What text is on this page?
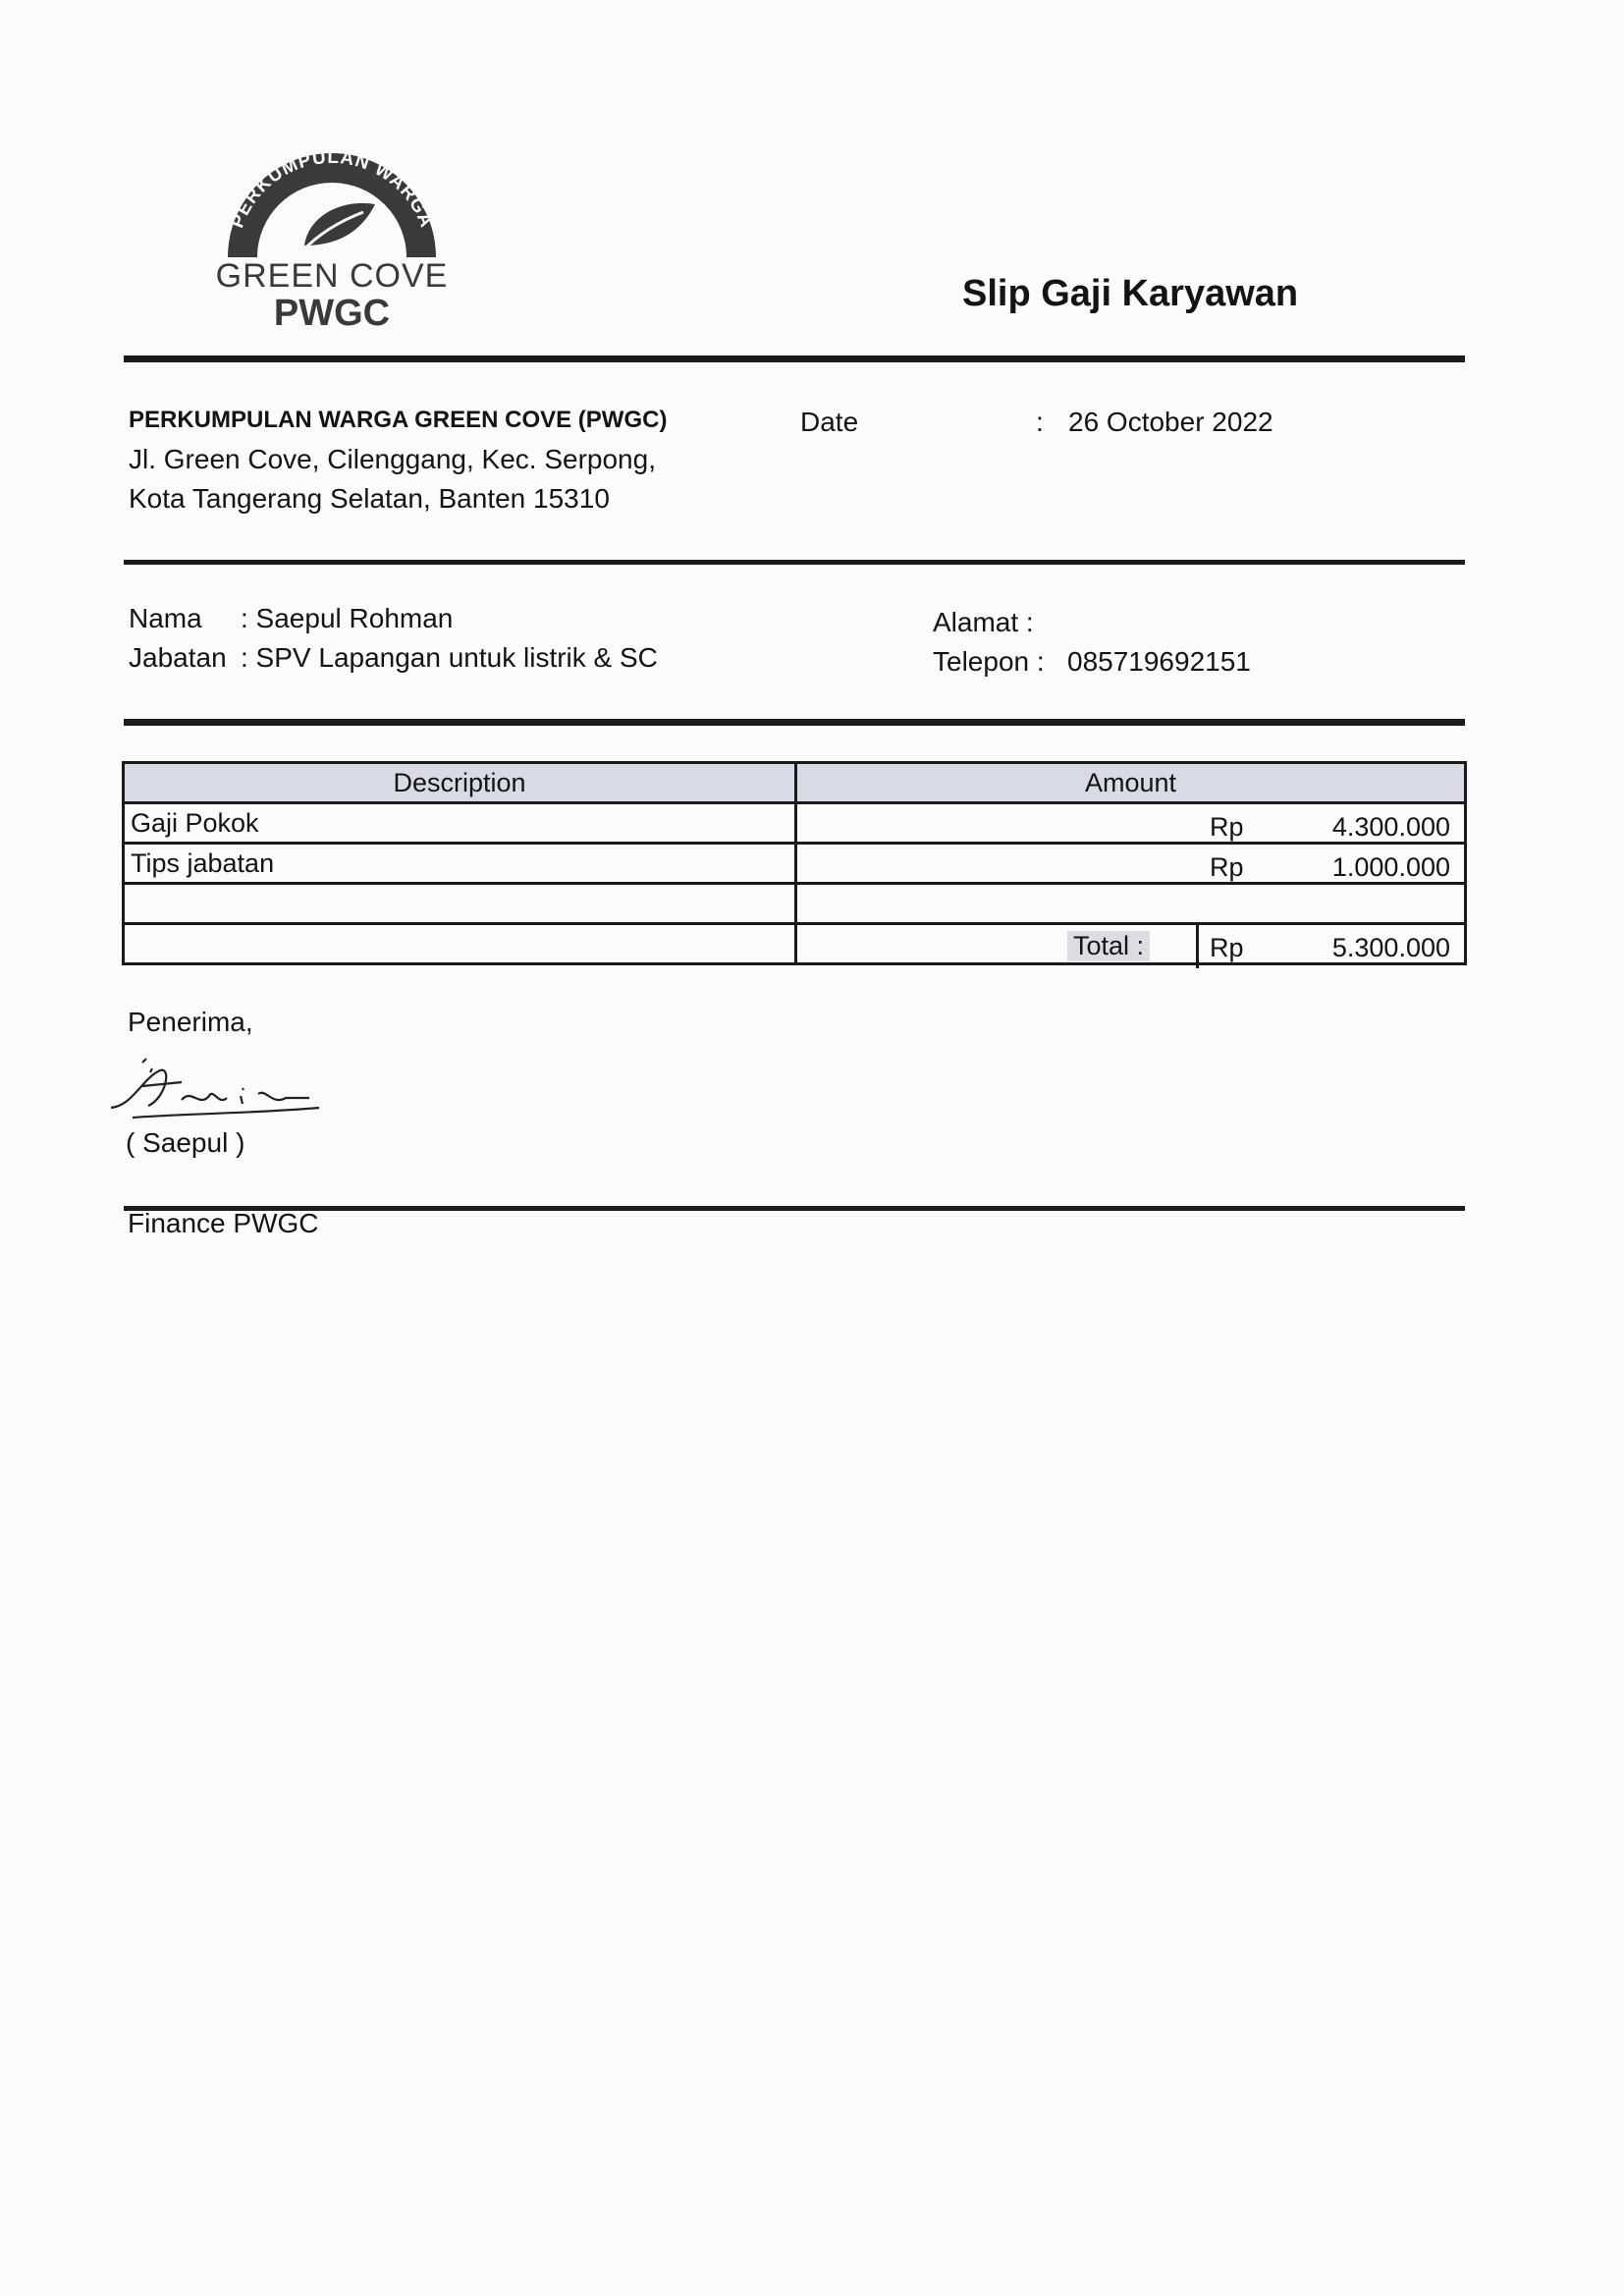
PERKUMPULAN WARGA
GREEN COVE
PWGC	Slip Gaji Karyawan
PERKUMPULAN WARGA GREEN COVE (PWGC)
Jl. Green Cove, Cilenggang, Kec. Serpong,
Kota Tangerang Selatan, Banten 15310
Date	: 26 October 2022
Nama : Saepul Rohman
Jabatan : SPV Lapangan untuk listrik & SC
Alamat :
Telepon : 085719692151
Description	Amount
Gaji Pokok	Rp 4.300.000

Tips jabatan	Rp 1.000.000

	Total : Rp 5.300.000
Penerima,
( Saepul )
Finance PWGC
